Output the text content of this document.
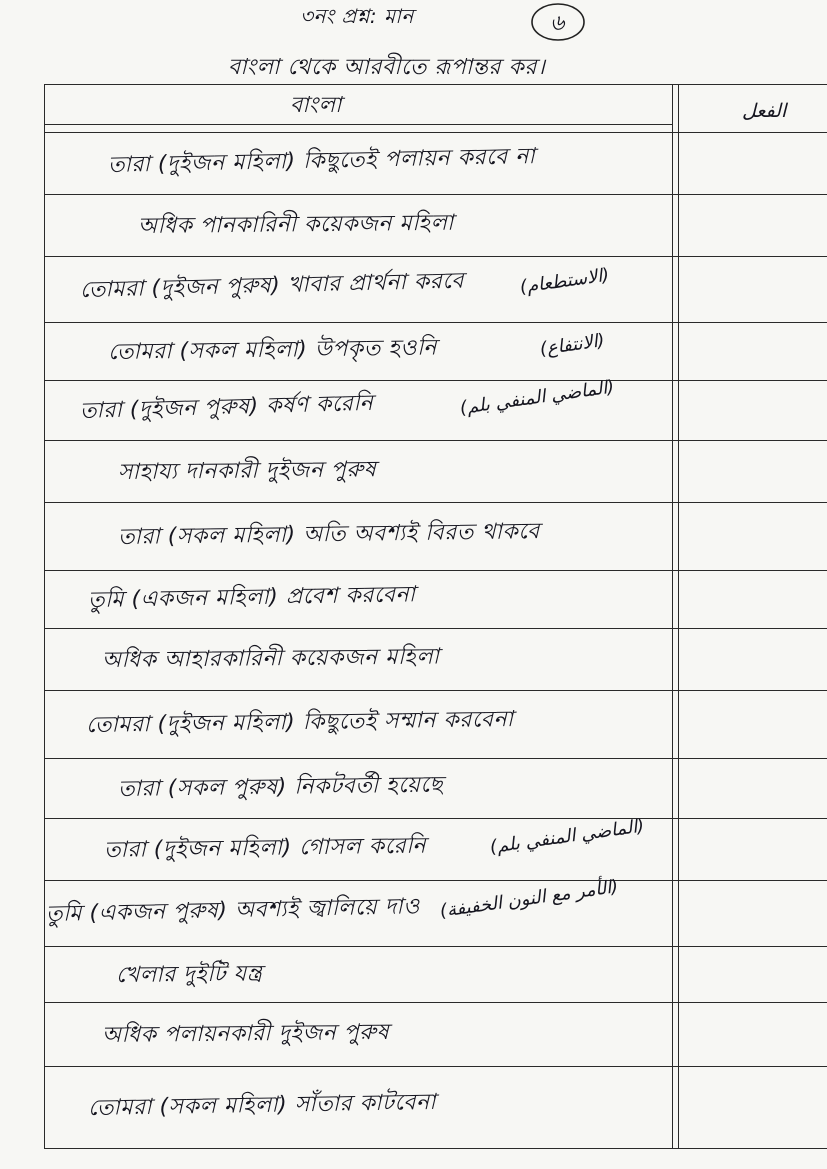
৩নং প্রশ্ন: মান	৬
বাংলা থেকে আরবীতে রূপান্তর কর।
বাংলা	الفعل
তারা (দুইজন মহিলা) কিছুতেই পলায়ন করবে না
অধিক পানকারিনী কয়েকজন মহিলা
তোমরা (দুইজন পুরুষ) খাবার প্রার্থনা করবে	(الاستطعام)
তোমরা (সকল মহিলা) উপকৃত হওনি	(الانتفاع)
তারা (দুইজন পুরুষ) কর্ষণ করেনি	(الماضي المنفي بلم)
সাহায্য দানকারী দুইজন পুরুষ
তারা (সকল মহিলা) অতি অবশ্যই বিরত থাকবে
তুমি (একজন মহিলা) প্রবেশ করবেনা
অধিক আহারকারিনী কয়েকজন মহিলা
তোমরা (দুইজন মহিলা) কিছুতেই সম্মান করবেনা
তারা (সকল পুরুষ) নিকটবর্তী হয়েছে
তারা (দুইজন মহিলা) গোসল করেনি	(الماضي المنفي بلم)
তুমি (একজন পুরুষ) অবশ্যই জ্বালিয়ে দাও (الأمر مع النون الخفيفة)
খেলার দুইটি যন্ত্র
অধিক পলায়নকারী দুইজন পুরুষ
তোমরা (সকল মহিলা) সাঁতার কাটবেনা
